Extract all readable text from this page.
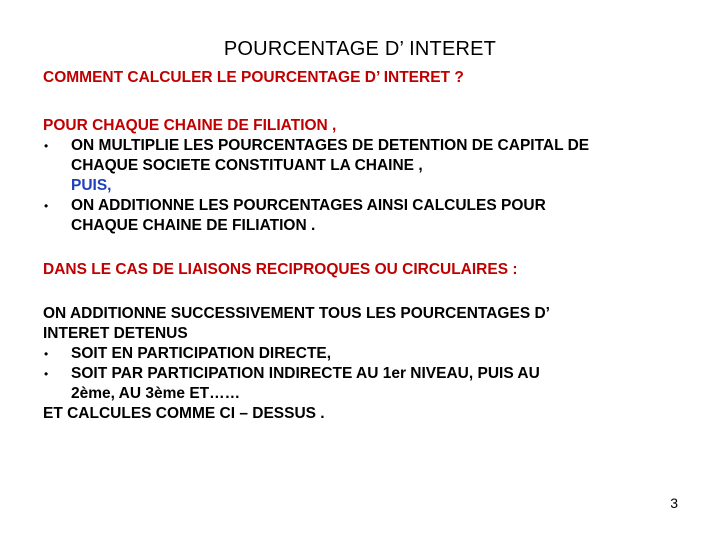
POURCENTAGE D’ INTERET
COMMENT CALCULER LE POURCENTAGE D’ INTERET ?
POUR CHAQUE CHAINE DE FILIATION ,
•	ON MULTIPLIE LES POURCENTAGES DE DETENTION DE CAPITAL DE
CHAQUE SOCIETE CONSTITUANT LA CHAINE ,
PUIS,
•	ON ADDITIONNE LES POURCENTAGES AINSI CALCULES POUR
CHAQUE CHAINE DE FILIATION .
DANS LE CAS DE LIAISONS RECIPROQUES OU CIRCULAIRES :
ON ADDITIONNE SUCCESSIVEMENT TOUS LES POURCENTAGES D’
INTERET DETENUS
•	SOIT EN PARTICIPATION DIRECTE,
•	SOIT PAR PARTICIPATION INDIRECTE AU 1er NIVEAU, PUIS AU
2ème, AU 3ème ET……
ET CALCULES COMME CI – DESSUS .
3
